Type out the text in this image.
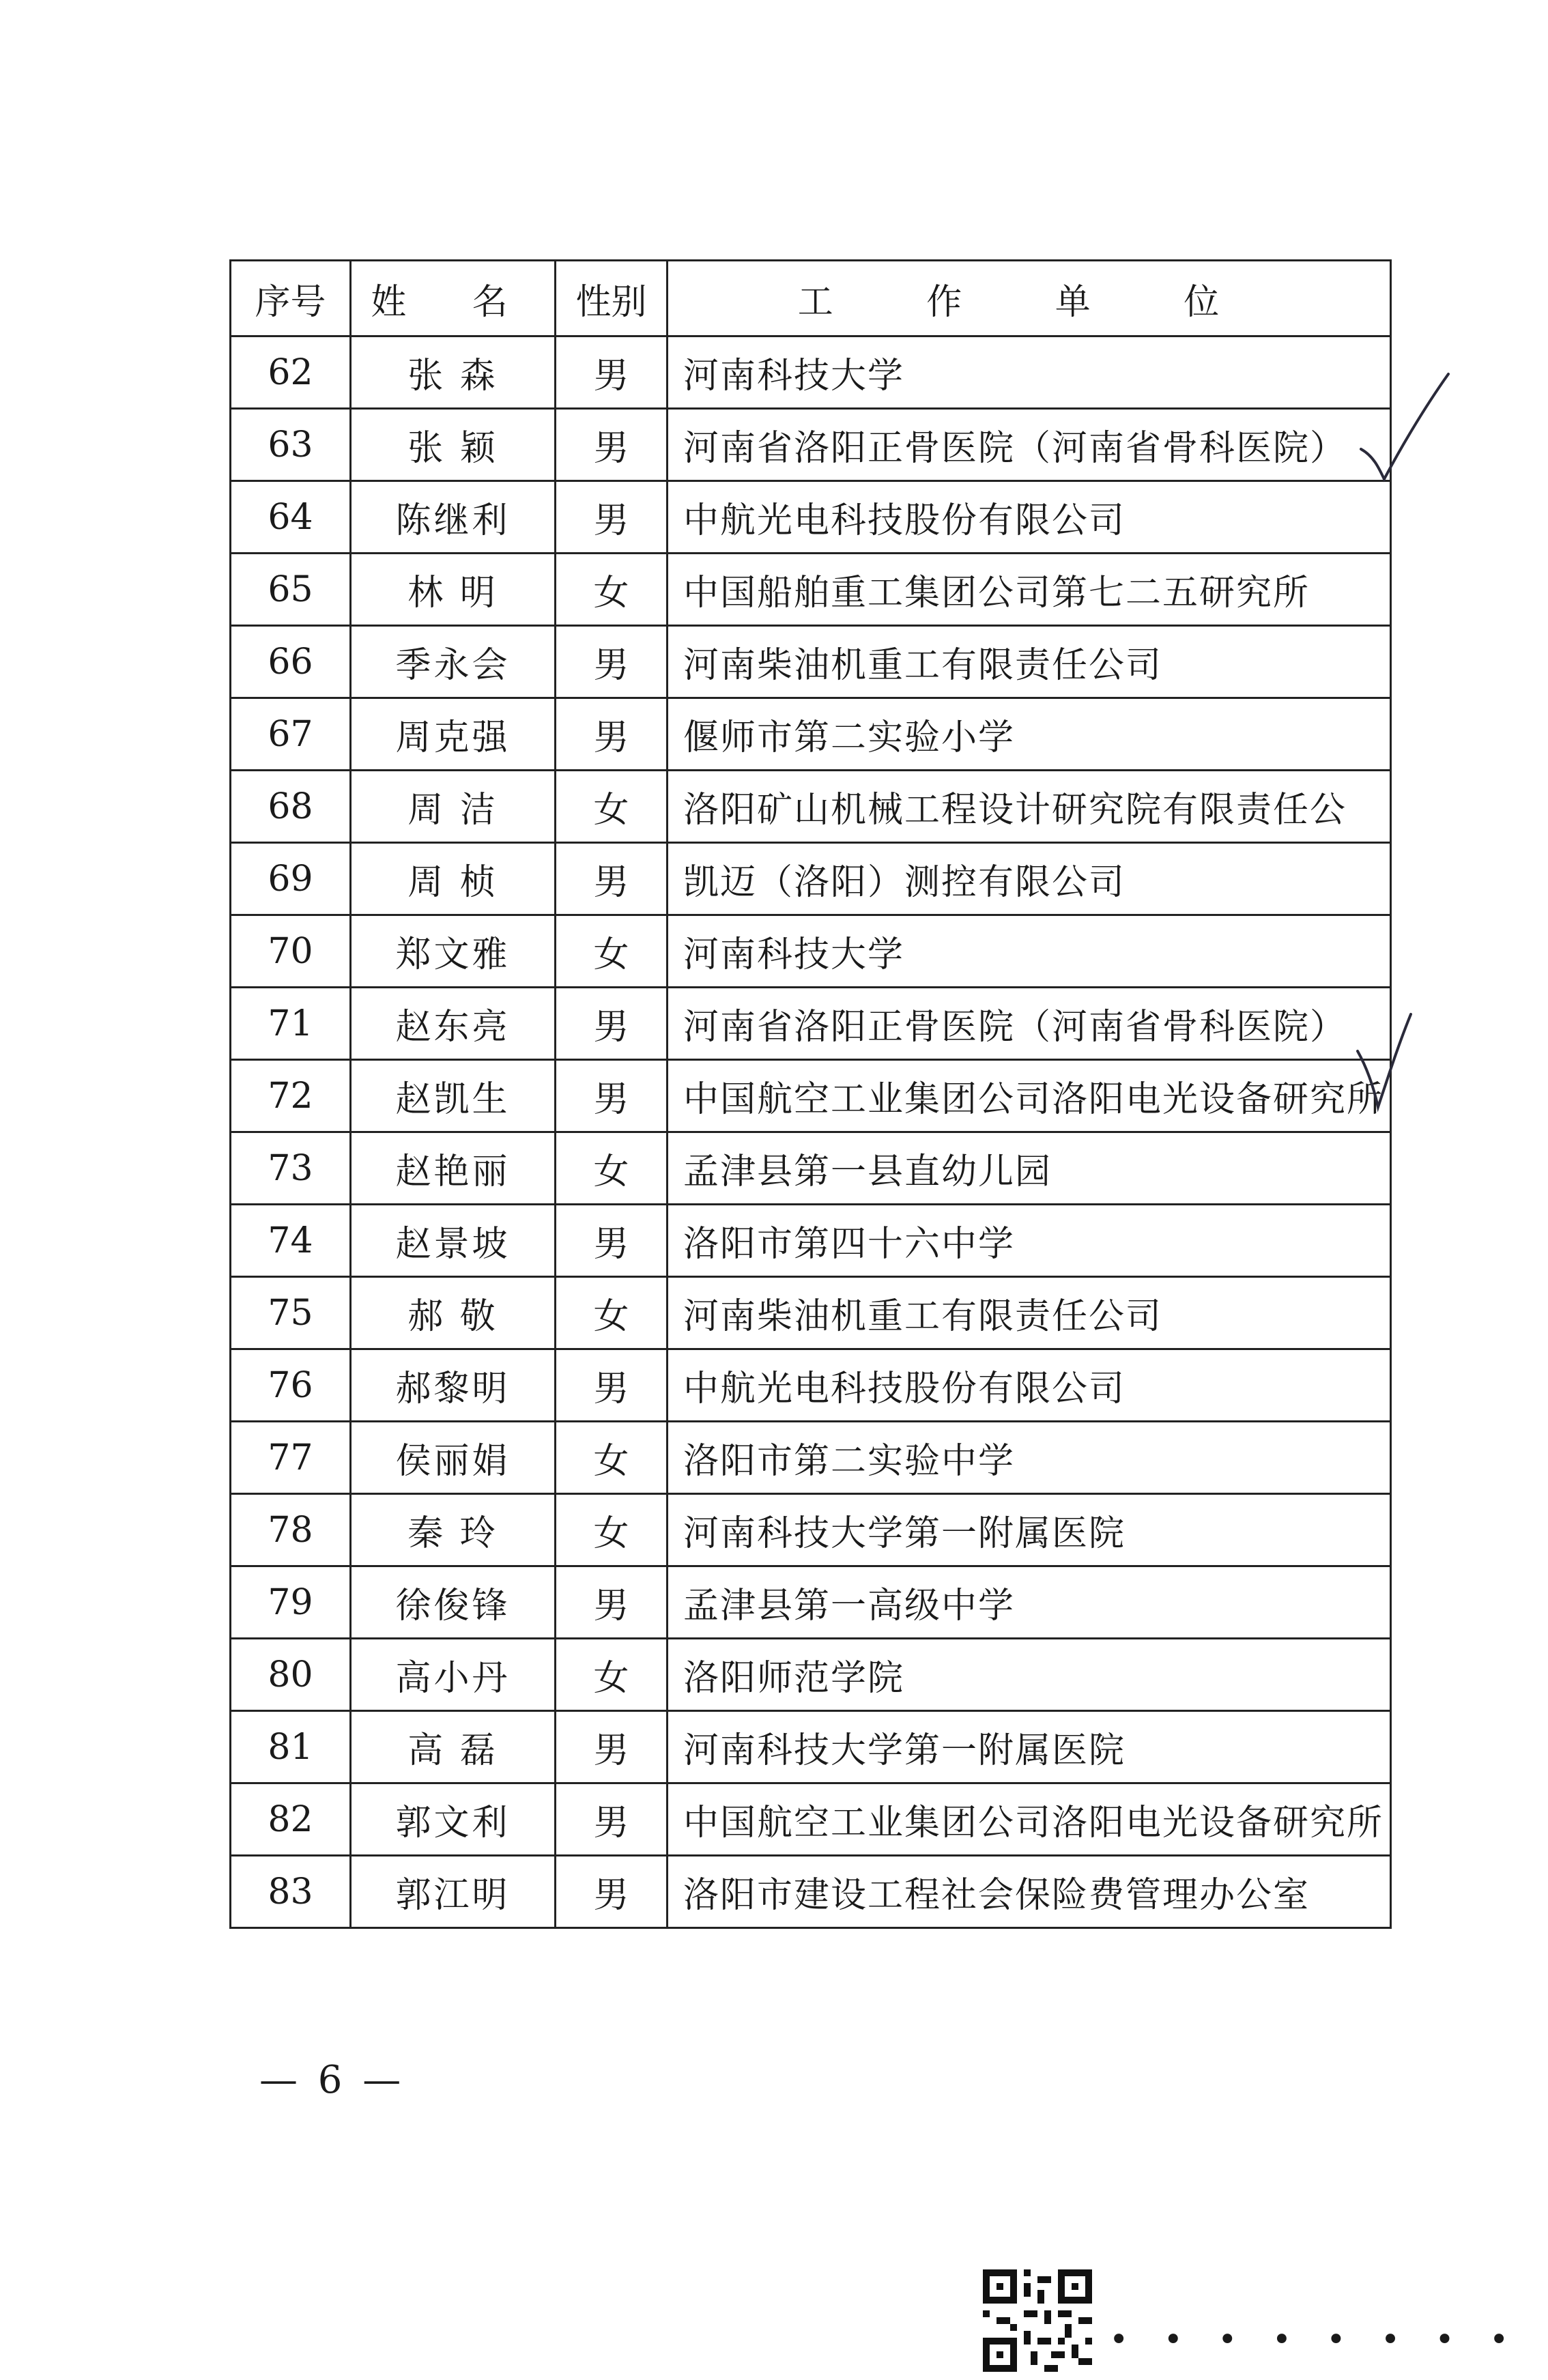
序号	姓 名	性别	工 作 单 位
62	张 森	男	河南科技大学
63	张 颖	男	河南省洛阳正骨医院（河南省骨科医院）
64	陈继利	男	中航光电科技股份有限公司
65	林 明	女	中国船舶重工集团公司第七二五研究所
66	季永会	男	河南柴油机重工有限责任公司
67	周克强	男	偃师市第二实验小学
68	周 洁	女	洛阳矿山机械工程设计研究院有限责任公
69	周 桢	男	凯迈（洛阳）测控有限公司
70	郑文雅	女	河南科技大学
71	赵东亮	男	河南省洛阳正骨医院（河南省骨科医院）
72	赵凯生	男	中国航空工业集团公司洛阳电光设备研究所
73	赵艳丽	女	孟津县第一县直幼儿园
74	赵景坡	男	洛阳市第四十六中学
75	郝 敬	女	河南柴油机重工有限责任公司
76	郝黎明	男	中航光电科技股份有限公司
77	侯丽娟	女	洛阳市第二实验中学
78	秦 玲	女	河南科技大学第一附属医院
79	徐俊锋	男	孟津县第一高级中学
80	高小丹	女	洛阳师范学院
81	高 磊	男	河南科技大学第一附属医院
82	郭文利	男	中国航空工业集团公司洛阳电光设备研究所
83	郭江明	男	洛阳市建设工程社会保险费管理办公室
— 6 —
• • • • • • • •
